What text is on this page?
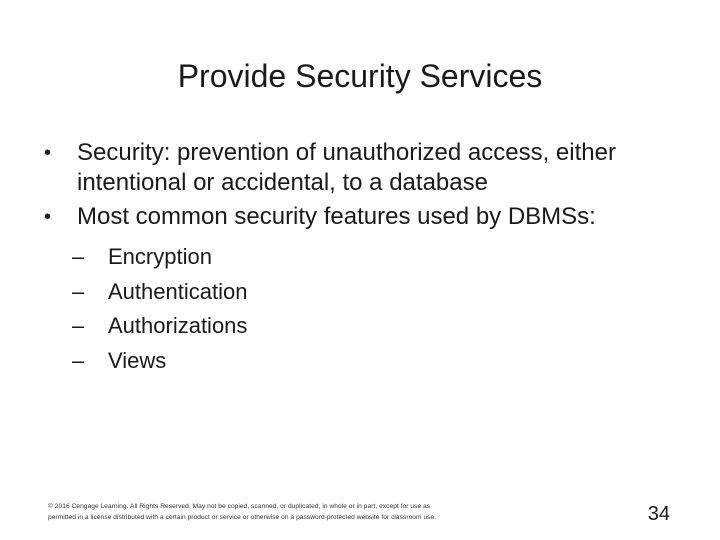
Provide Security Services
•	Security: prevention of unauthorized access, either intentional or accidental, to a database
•	Most common security features used by DBMSs:
–	Encryption
–	Authentication
–	Authorizations
–	Views
© 2016 Cengage Learning. All Rights Reserved. May not be copied, scanned, or duplicated, in whole or in part, except for use as
permitted in a license distributed with a certain product or service or otherwise on a password-protected website for classroom use.	34
